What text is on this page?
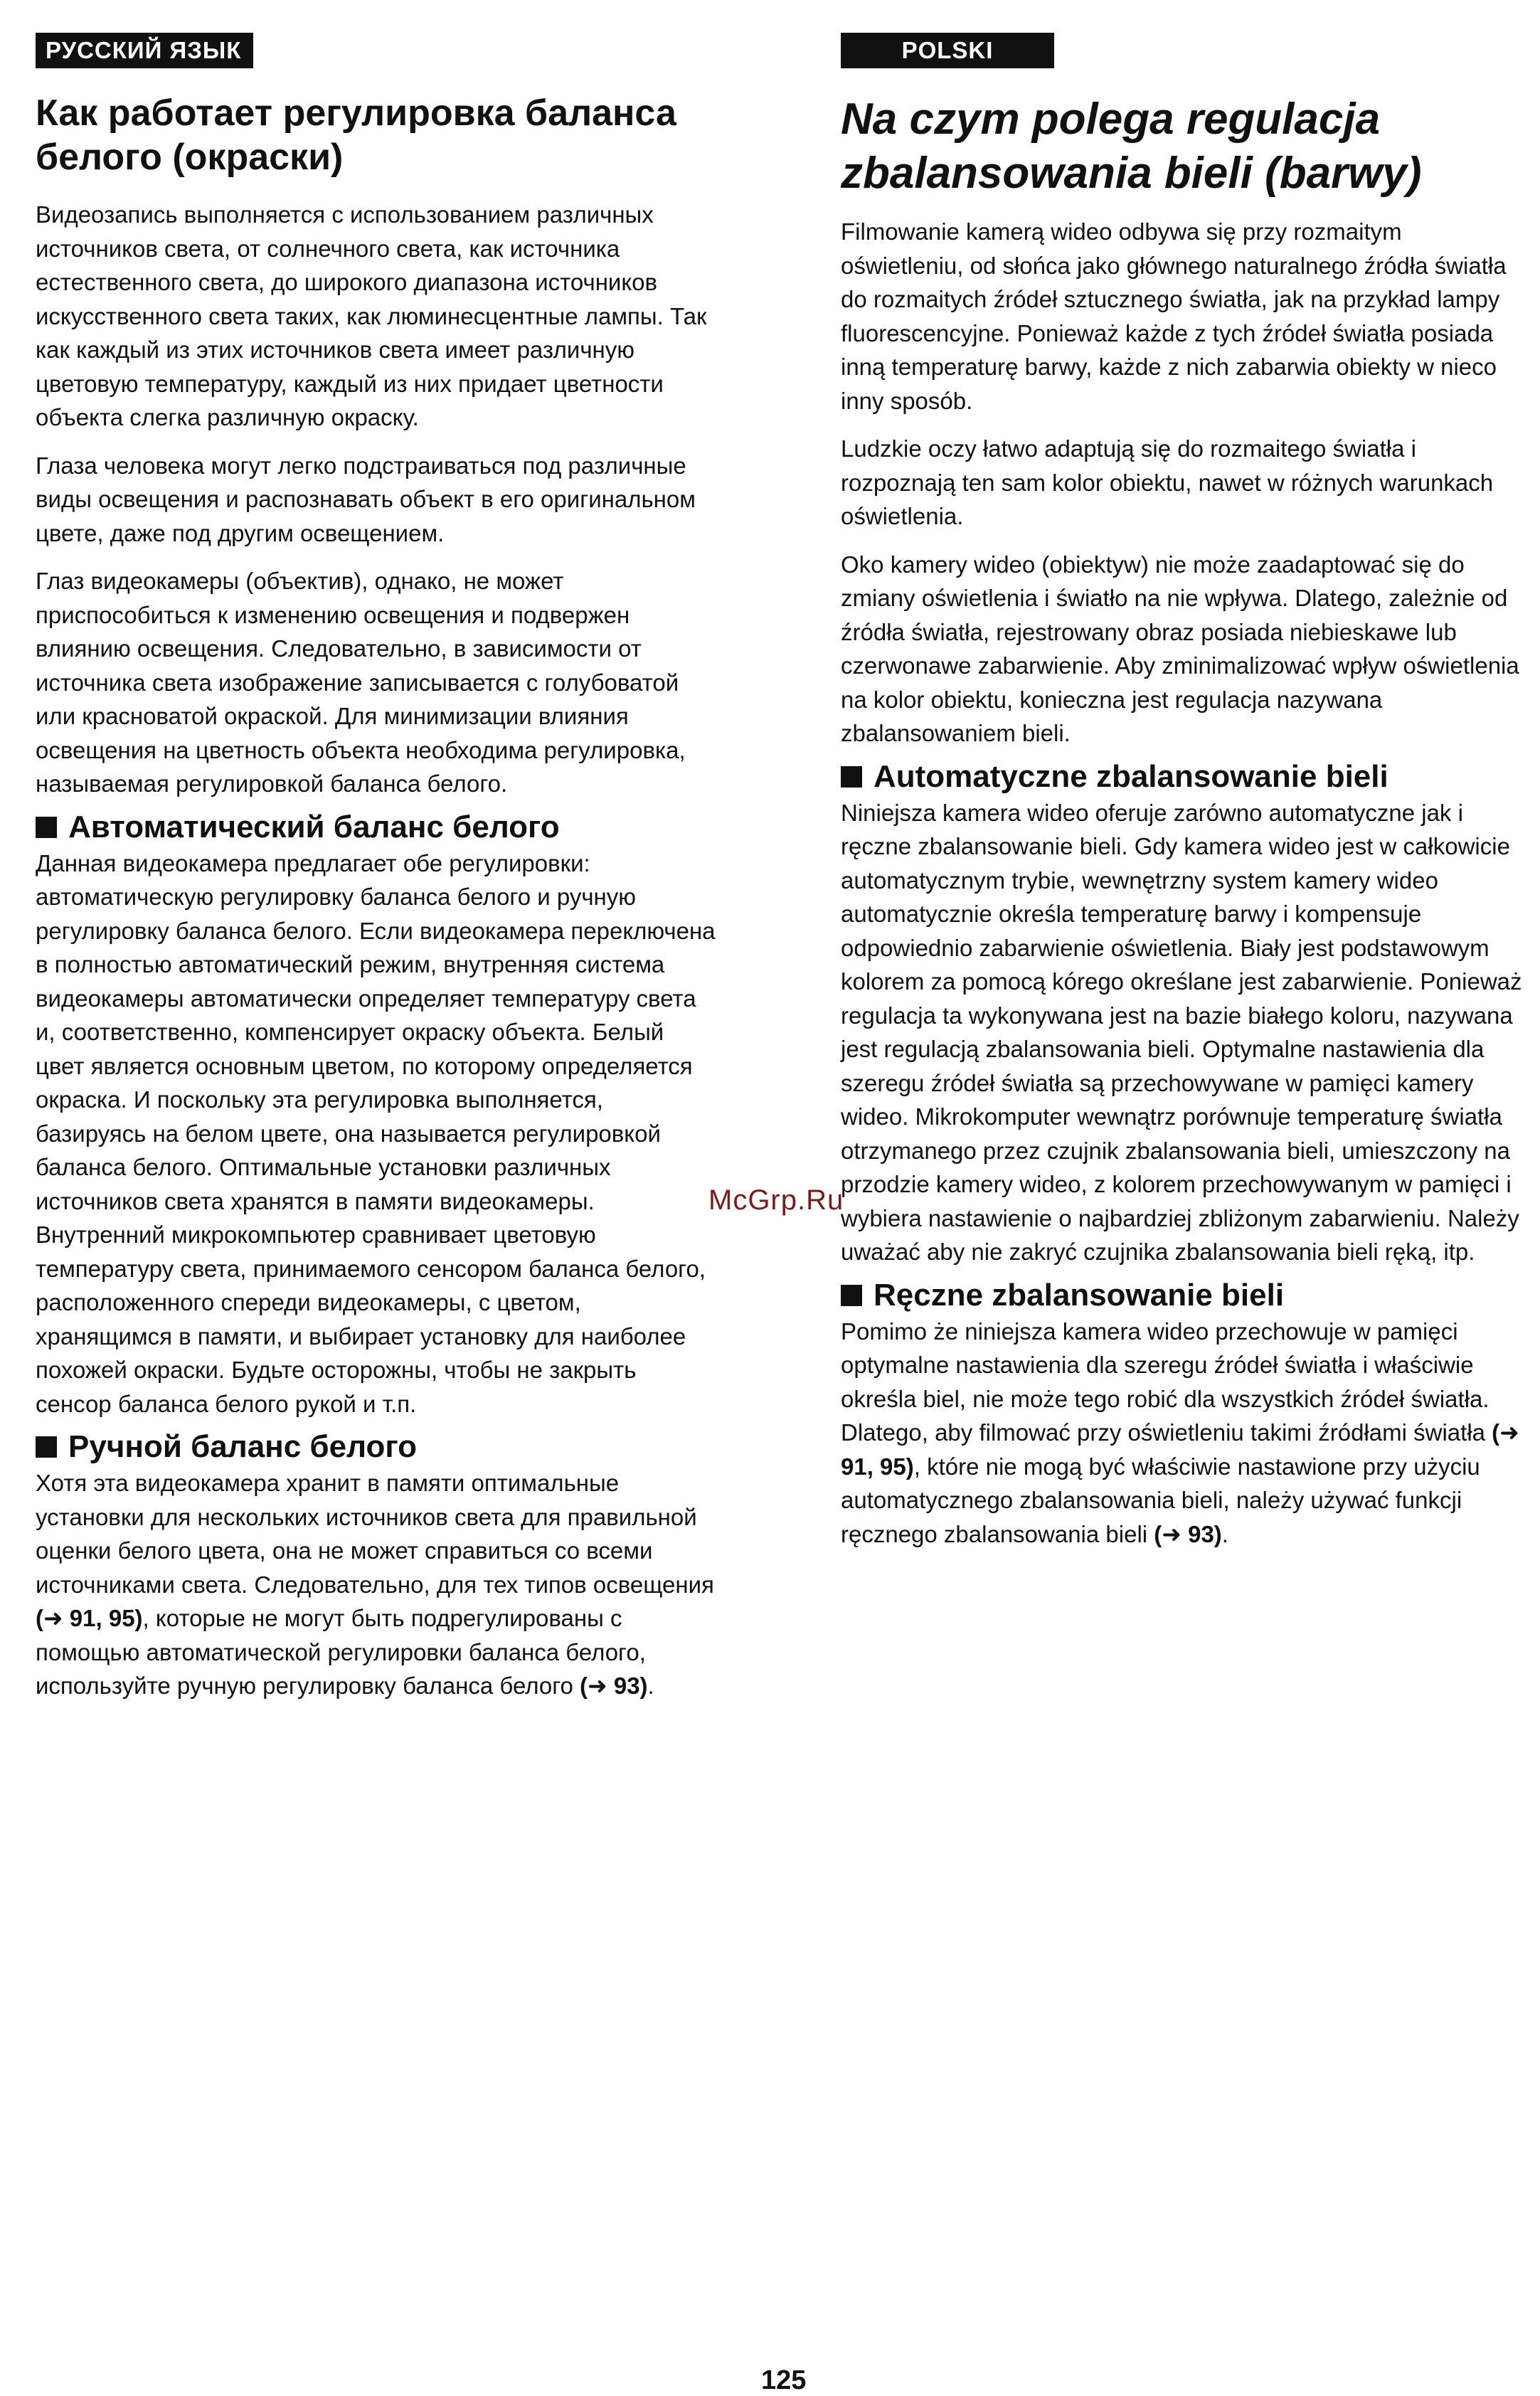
РУССКИЙ ЯЗЫК
Как работает регулировка баланса белого (окраски)

Видеозапись выполняется с использованием различных источников света, от солнечного света, как источника естественного света, до широкого диапазона источников искусственного света таких, как люминесцентные лампы. Так как каждый из этих источников света имеет различную цветовую температуру, каждый из них придает цветности объекта слегка различную окраску.

Глаза человека могут легко подстраиваться под различные виды освещения и распознавать объект в его оригинальном цвете, даже под другим освещением.

Глаз видеокамеры (объектив), однако, не может приспособиться к изменению освещения и подвержен влиянию освещения. Следовательно, в зависимости от источника света изображение записывается с голубоватой или красноватой окраской. Для минимизации влияния освещения на цветность объекта необходима регулировка, называемая регулировкой баланса белого.

Автоматический баланс белого

Данная видеокамера предлагает обе регулировки: автоматическую регулировку баланса белого и ручную регулировку баланса белого. Если видеокамера переключена в полностью автоматический режим, внутренняя система видеокамеры автоматически определяет температуру света и, соответственно, компенсирует окраску объекта. Белый цвет является основным цветом, по которому определяется окраска. И поскольку эта регулировка выполняется, базируясь на белом цвете, она называется регулировкой баланса белого. Оптимальные установки различных источников света хранятся в памяти видеокамеры. Внутренний микрокомпьютер сравнивает цветовую температуру света, принимаемого сенсором баланса белого, расположенного спереди видеокамеры, с цветом, хранящимся в памяти, и выбирает установку для наиболее похожей окраски. Будьте осторожны, чтобы не закрыть сенсор баланса белого рукой и т.п.

Ручной баланс белого

Хотя эта видеокамера хранит в памяти оптимальные установки для нескольких источников света для правильной оценки белого цвета, она не может справиться со всеми источниками света. Следовательно, для тех типов освещения (➜ 91, 95), которые не могут быть подрегулированы с помощью автоматической регулировки баланса белого, используйте ручную регулировку баланса белого (➜ 93).

POLSKI
Na czym polega regulacja zbalansowania bieli (barwy)

Filmowanie kamerą wideo odbywa się przy rozmaitym oświetleniu, od słońca jako głównego naturalnego źródła światła do rozmaitych źródeł sztucznego światła, jak na przykład lampy fluorescencyjne. Ponieważ każde z tych źródeł światła posiada inną temperaturę barwy, każde z nich zabarwia obiekty w nieco inny sposób.

Ludzkie oczy łatwo adaptują się do rozmaitego światła i rozpoznają ten sam kolor obiektu, nawet w różnych warunkach oświetlenia.

Oko kamery wideo (obiektyw) nie może zaadaptować się do zmiany oświetlenia i światło na nie wpływa. Dlatego, zależnie od źródła światła, rejestrowany obraz posiada niebieskawe lub czerwonawe zabarwienie. Aby zminimalizować wpływ oświetlenia na kolor obiektu, konieczna jest regulacja nazywana zbalansowaniem bieli.

Automatyczne zbalansowanie bieli

Niniejsza kamera wideo oferuje zarówno automatyczne jak i ręczne zbalansowanie bieli. Gdy kamera wideo jest w całkowicie automatycznym trybie, wewnętrzny system kamery wideo automatycznie określa temperaturę barwy i kompensuje odpowiednio zabarwienie oświetlenia. Biały jest podstawowym kolorem za pomocą kórego określane jest zabarwienie. Ponieważ regulacja ta wykonywana jest na bazie białego koloru, nazywana jest regulacją zbalansowania bieli. Optymalne nastawienia dla szeregu źródeł światła są przechowywane w pamięci kamery wideo. Mikrokomputer wewnątrz porównuje temperaturę światła otrzymanego przez czujnik zbalansowania bieli, umieszczony na przodzie kamery wideo, z kolorem przechowywanym w pamięci i wybiera nastawienie o najbardziej zbliżonym zabarwieniu. Należy uważać aby nie zakryć czujnika zbalansowania bieli ręką, itp.

Ręczne zbalansowanie bieli

Pomimo że niniejsza kamera wideo przechowuje w pamięci optymalne nastawienia dla szeregu źródeł światła i właściwie określa biel, nie może tego robić dla wszystkich źródeł światła. Dlatego, aby filmować przy oświetleniu takimi źródłami światła (➜ 91, 95), które nie mogą być właściwie nastawione przy użyciu automatycznego zbalansowania bieli, należy używać funkcji ręcznego zbalansowania bieli (➜ 93).

McGrp.Ru
125
